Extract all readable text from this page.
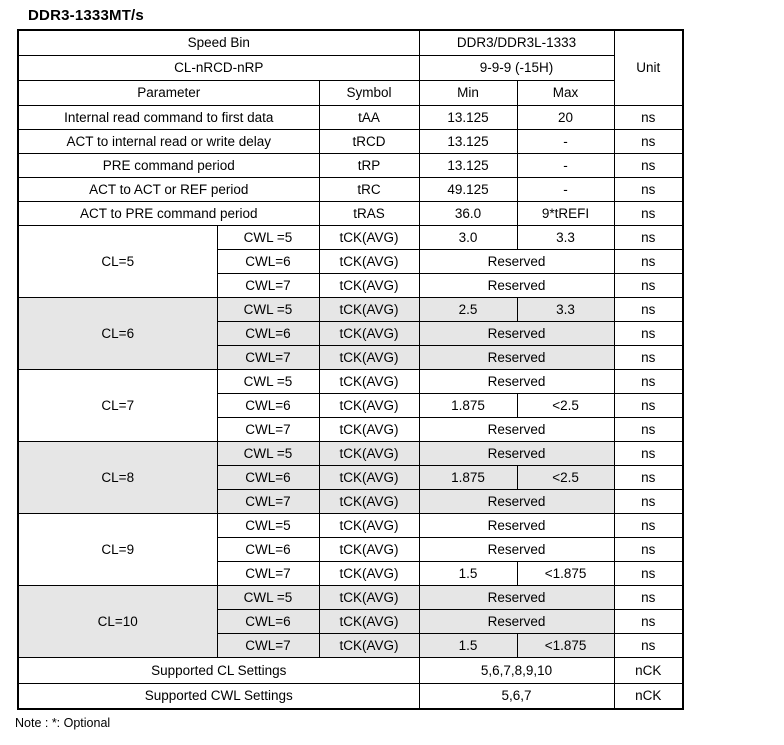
DDR3-1333MT/s
Speed Bin			DDR3/DDR3L-1333		Unit
CL-nRCD-nRP			9-9-9 (-15H)		
Parameter		Symbol	Min	Max	
Internal read command to first data		tAA	13.125	20	ns
ACT to internal read or write delay		tRCD	13.125	-	ns
PRE command period		tRP	13.125	-	ns
ACT to ACT or REF period		tRC	49.125	-	ns
ACT to PRE command period		tRAS	36.0	9*tREFI	ns
CL=5	CWL =5	tCK(AVG)	3.0	3.3	ns
	CWL=6	tCK(AVG)	Reserved		ns
	CWL=7	tCK(AVG)	Reserved		ns
CL=6	CWL =5	tCK(AVG)	2.5	3.3	ns
	CWL=6	tCK(AVG)	Reserved		ns
	CWL=7	tCK(AVG)	Reserved		ns
CL=7	CWL =5	tCK(AVG)	Reserved		ns
	CWL=6	tCK(AVG)	1.875	<2.5	ns
	CWL=7	tCK(AVG)	Reserved		ns
CL=8	CWL =5	tCK(AVG)	Reserved		ns
	CWL=6	tCK(AVG)	1.875	<2.5	ns
	CWL=7	tCK(AVG)	Reserved		ns
CL=9	CWL=5	tCK(AVG)	Reserved		ns
	CWL=6	tCK(AVG)	Reserved		ns
	CWL=7	tCK(AVG)	1.5	<1.875	ns
CL=10	CWL =5	tCK(AVG)	Reserved		ns
	CWL=6	tCK(AVG)	Reserved		ns
	CWL=7	tCK(AVG)	1.5	<1.875	ns
Supported CL Settings			5,6,7,8,9,10		nCK
Supported CWL Settings			5,6,7		nCK
Note : *: Optional
